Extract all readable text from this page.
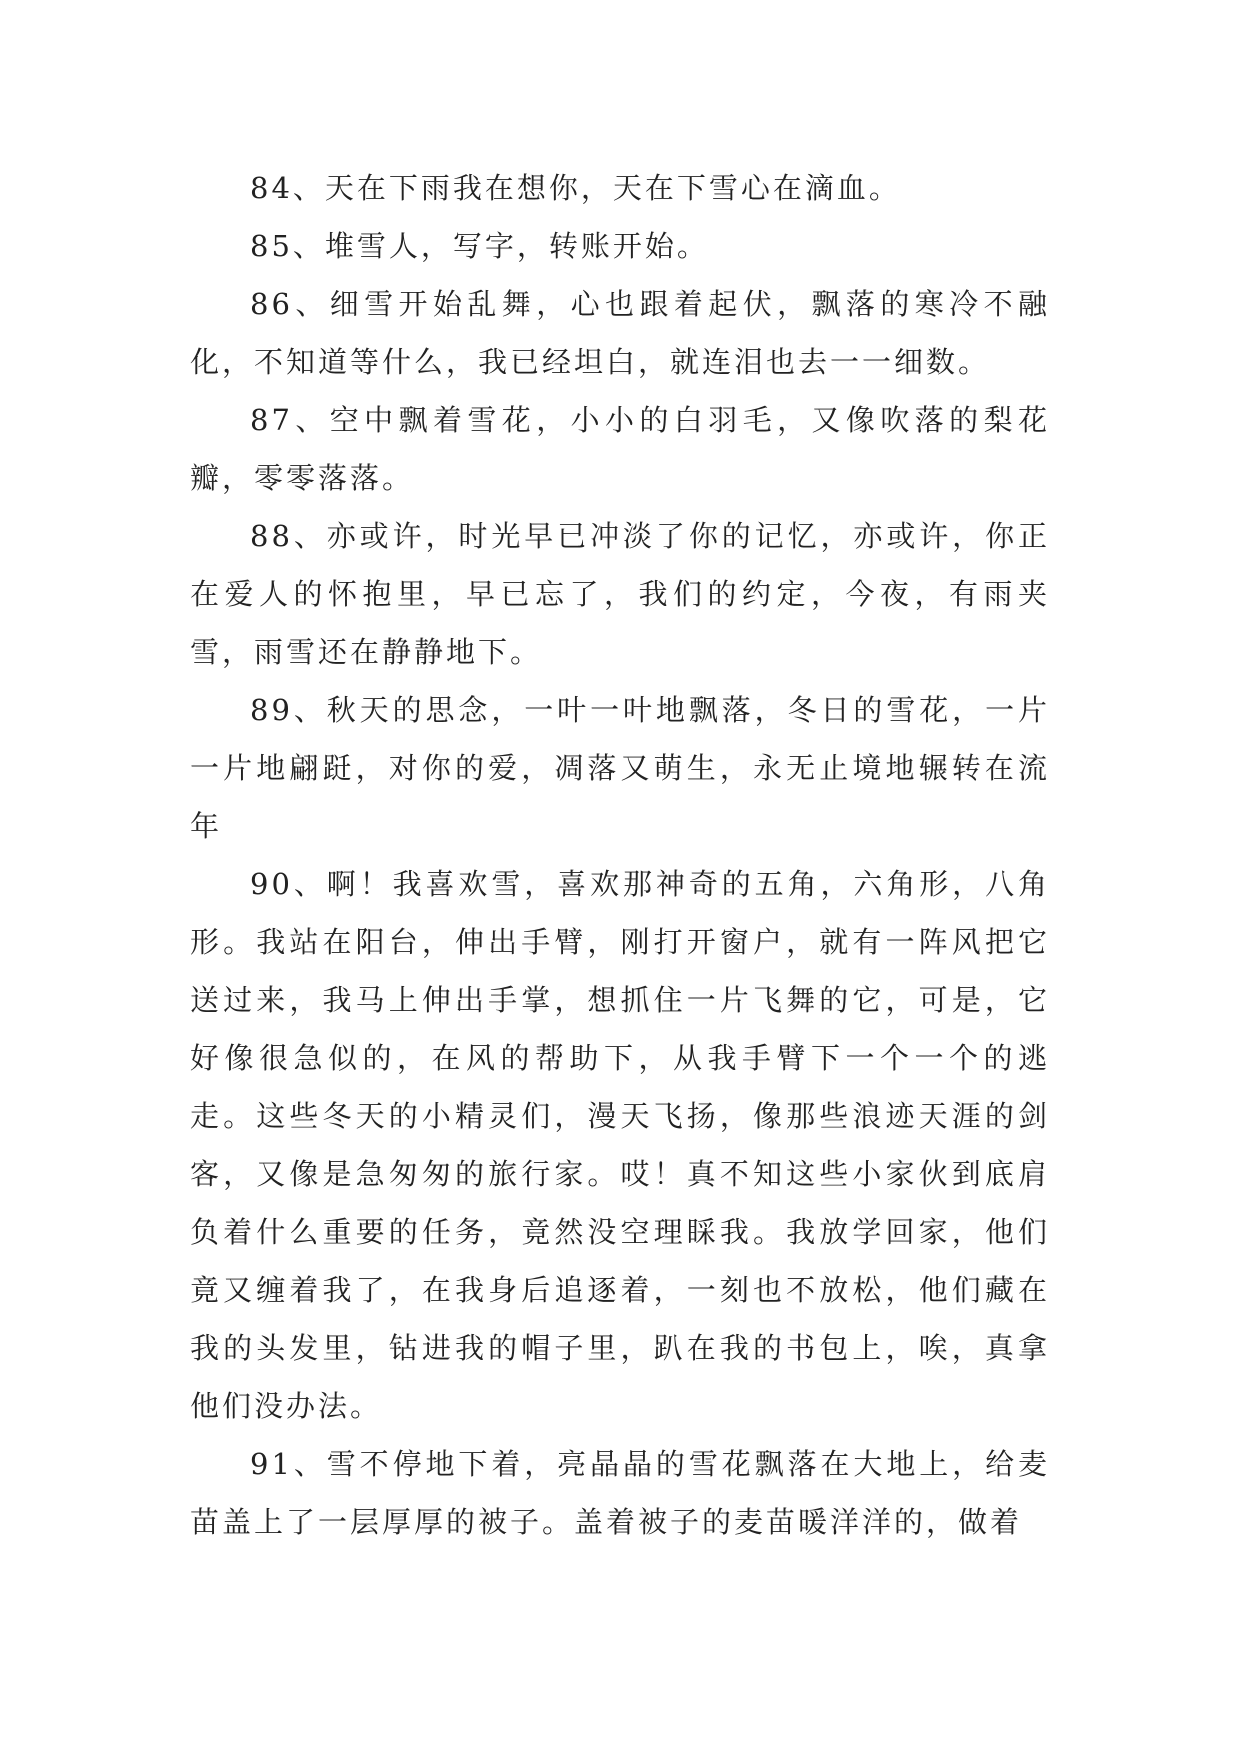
84、天在下雨我在想你，天在下雪心在滴血。

85、堆雪人，写字，转账开始。

86、细雪开始乱舞，心也跟着起伏，飘落的寒冷不融化，不知道等什么，我已经坦白，就连泪也去一一细数。

87、空中飘着雪花，小小的白羽毛，又像吹落的梨花瓣，零零落落。

88、亦或许，时光早已冲淡了你的记忆，亦或许，你正在爱人的怀抱里，早已忘了，我们的约定，今夜，有雨夹雪，雨雪还在静静地下。

89、秋天的思念，一叶一叶地飘落，冬日的雪花，一片一片地翩跹，对你的爱，凋落又萌生，永无止境地辗转在流年

90、啊！我喜欢雪，喜欢那神奇的五角，六角形，八角形。我站在阳台，伸出手臂，刚打开窗户，就有一阵风把它送过来，我马上伸出手掌，想抓住一片飞舞的它，可是，它好像很急似的，在风的帮助下，从我手臂下一个一个的逃走。这些冬天的小精灵们，漫天飞扬，像那些浪迹天涯的剑客，又像是急匆匆的旅行家。哎！真不知这些小家伙到底肩负着什么重要的任务，竟然没空理睬我。我放学回家，他们竟又缠着我了，在我身后追逐着，一刻也不放松，他们藏在我的头发里，钻进我的帽子里，趴在我的书包上，唉，真拿他们没办法。

91、雪不停地下着，亮晶晶的雪花飘落在大地上，给麦苗盖上了一层厚厚的被子。盖着被子的麦苗暖洋洋的，做着
